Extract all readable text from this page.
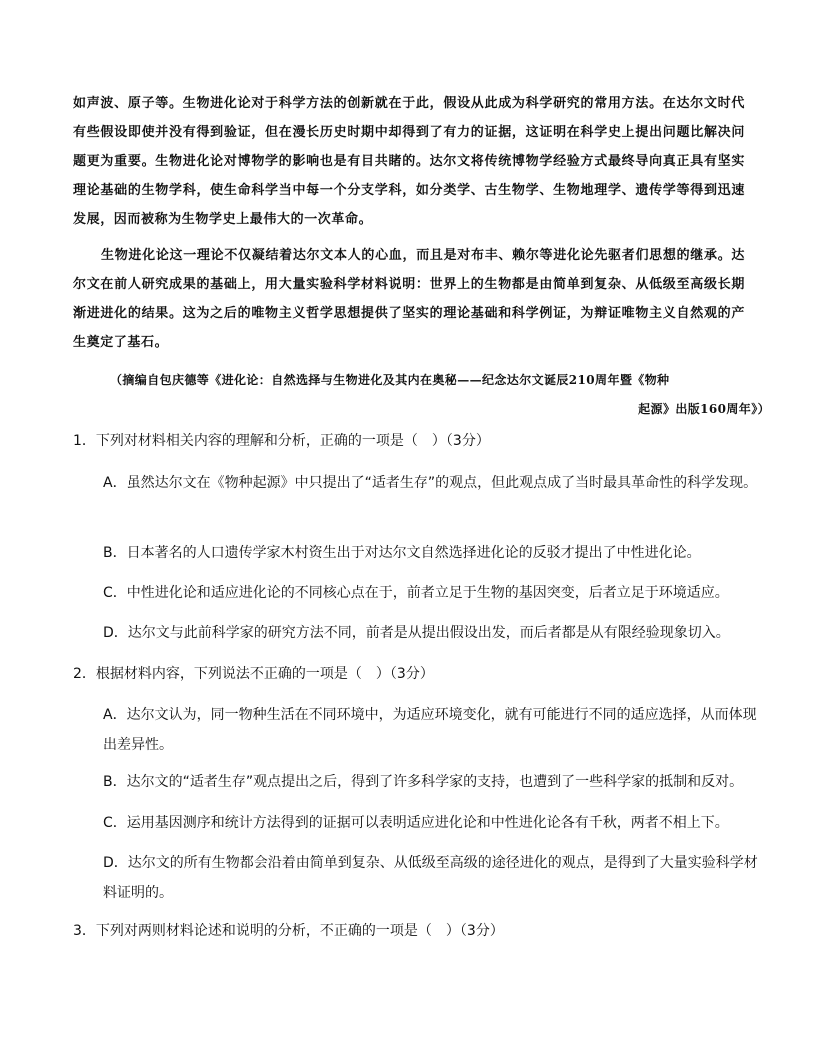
如声波、原子等。生物进化论对于科学方法的创新就在于此，假设从此成为科学研究的常用方法。在达尔文时代有些假设即使并没有得到验证，但在漫长历史时期中却得到了有力的证据，这证明在科学史上提出问题比解决问题更为重要。生物进化论对博物学的影响也是有目共睹的。达尔文将传统博物学经验方式最终导向真正具有坚实理论基础的生物学科，使生命科学当中每一个分支学科，如分类学、古生物学、生物地理学、遗传学等得到迅速发展，因而被称为生物学史上最伟大的一次革命。

生物进化论这一理论不仅凝结着达尔文本人的心血，而且是对布丰、赖尔等进化论先驱者们思想的继承。达尔文在前人研究成果的基础上，用大量实验科学材料说明：世界上的生物都是由简单到复杂、从低级至高级长期渐进进化的结果。这为之后的唯物主义哲学思想提供了坚实的理论基础和科学例证，为辩证唯物主义自然观的产生奠定了基石。

（摘编自包庆德等《进化论：自然选择与生物进化及其内在奥秘——纪念达尔文诞辰210周年暨《物种
起源》出版160周年》）

1．下列对材料相关内容的理解和分析，正确的一项是（　）（3分）

A．虽然达尔文在《物种起源》中只提出了“适者生存”的观点，但此观点成了当时最具革命性的科学发现。

B．日本著名的人口遗传学家木村资生出于对达尔文自然选择进化论的反驳才提出了中性进化论。

C．中性进化论和适应进化论的不同核心点在于，前者立足于生物的基因突变，后者立足于环境适应。

D．达尔文与此前科学家的研究方法不同，前者是从提出假设出发，而后者都是从有限经验现象切入。

2．根据材料内容，下列说法不正确的一项是（　）（3分）

A．达尔文认为，同一物种生活在不同环境中，为适应环境变化，就有可能进行不同的适应选择，从而体现出差异性。

B．达尔文的“适者生存”观点提出之后，得到了许多科学家的支持，也遭到了一些科学家的抵制和反对。

C．运用基因测序和统计方法得到的证据可以表明适应进化论和中性进化论各有千秋，两者不相上下。

D．达尔文的所有生物都会沿着由简单到复杂、从低级至高级的途径进化的观点，是得到了大量实验科学材料证明的。

3．下列对两则材料论述和说明的分析，不正确的一项是（　）（3分）
